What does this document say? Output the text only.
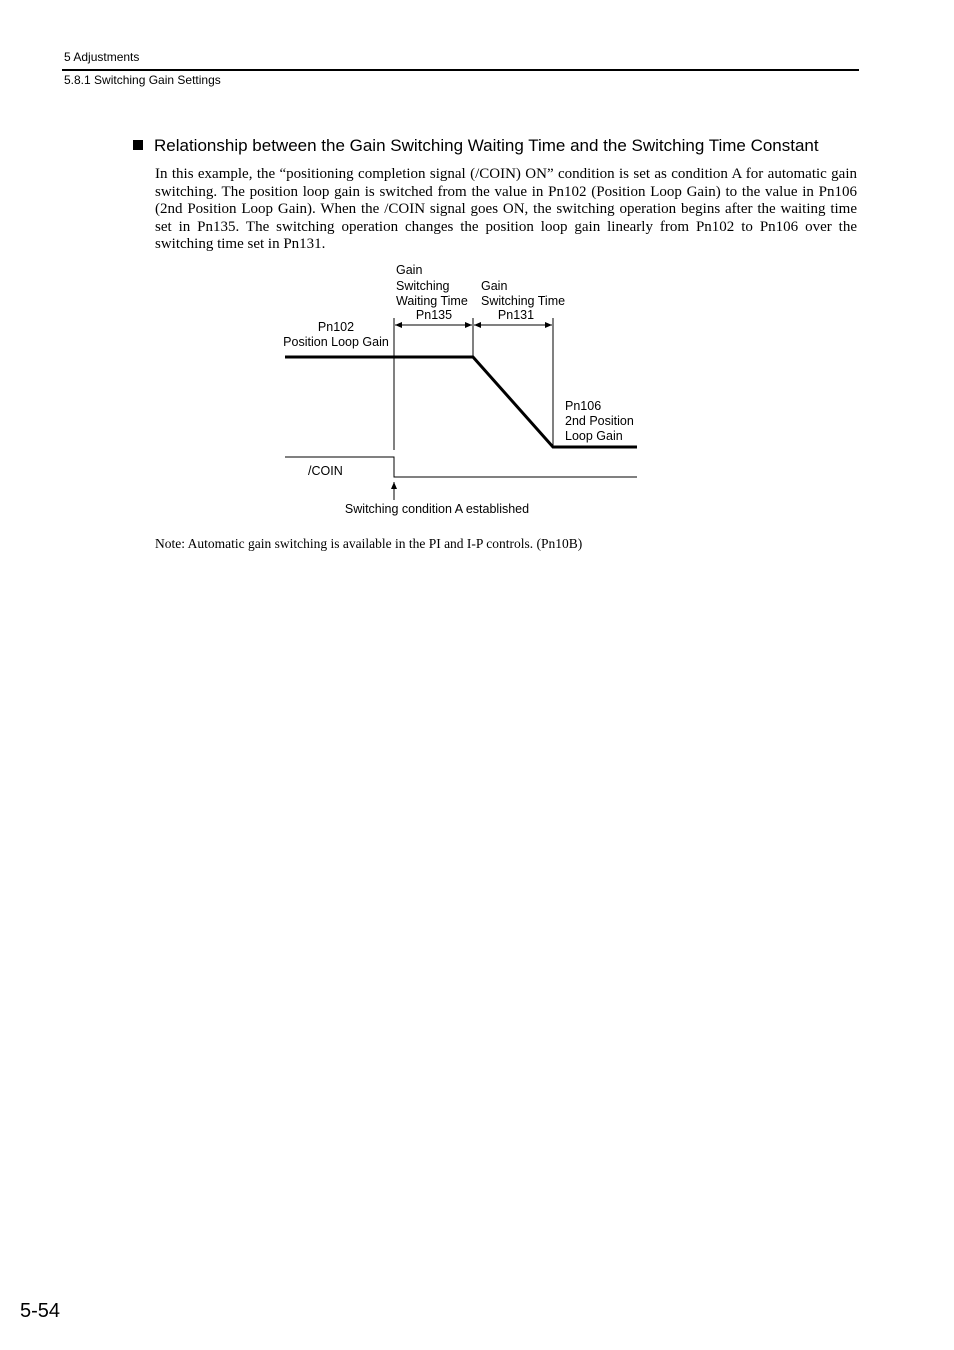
5 Adjustments
5.8.1 Switching Gain Settings
Relationship between the Gain Switching Waiting Time and the Switching Time Constant

In this example, the “positioning completion signal (/COIN) ON” condition is set as condition A for automatic gain switching. The position loop gain is switched from the value in Pn102 (Position Loop Gain) to the value in Pn106 (2nd Position Loop Gain). When the /COIN signal goes ON, the switching operation begins after the waiting time set in Pn135. The switching operation changes the position loop gain linearly from Pn102 to Pn106 over the switching time set in Pn131.

Gain
Switching
Waiting Time
Pn135
Gain
Switching Time
Pn131
Pn102
Position Loop Gain
Pn106
2nd Position
Loop Gain
/COIN
Switching condition A established
Note: Automatic gain switching is available in the PI and I-P controls. (Pn10B)
5-54
